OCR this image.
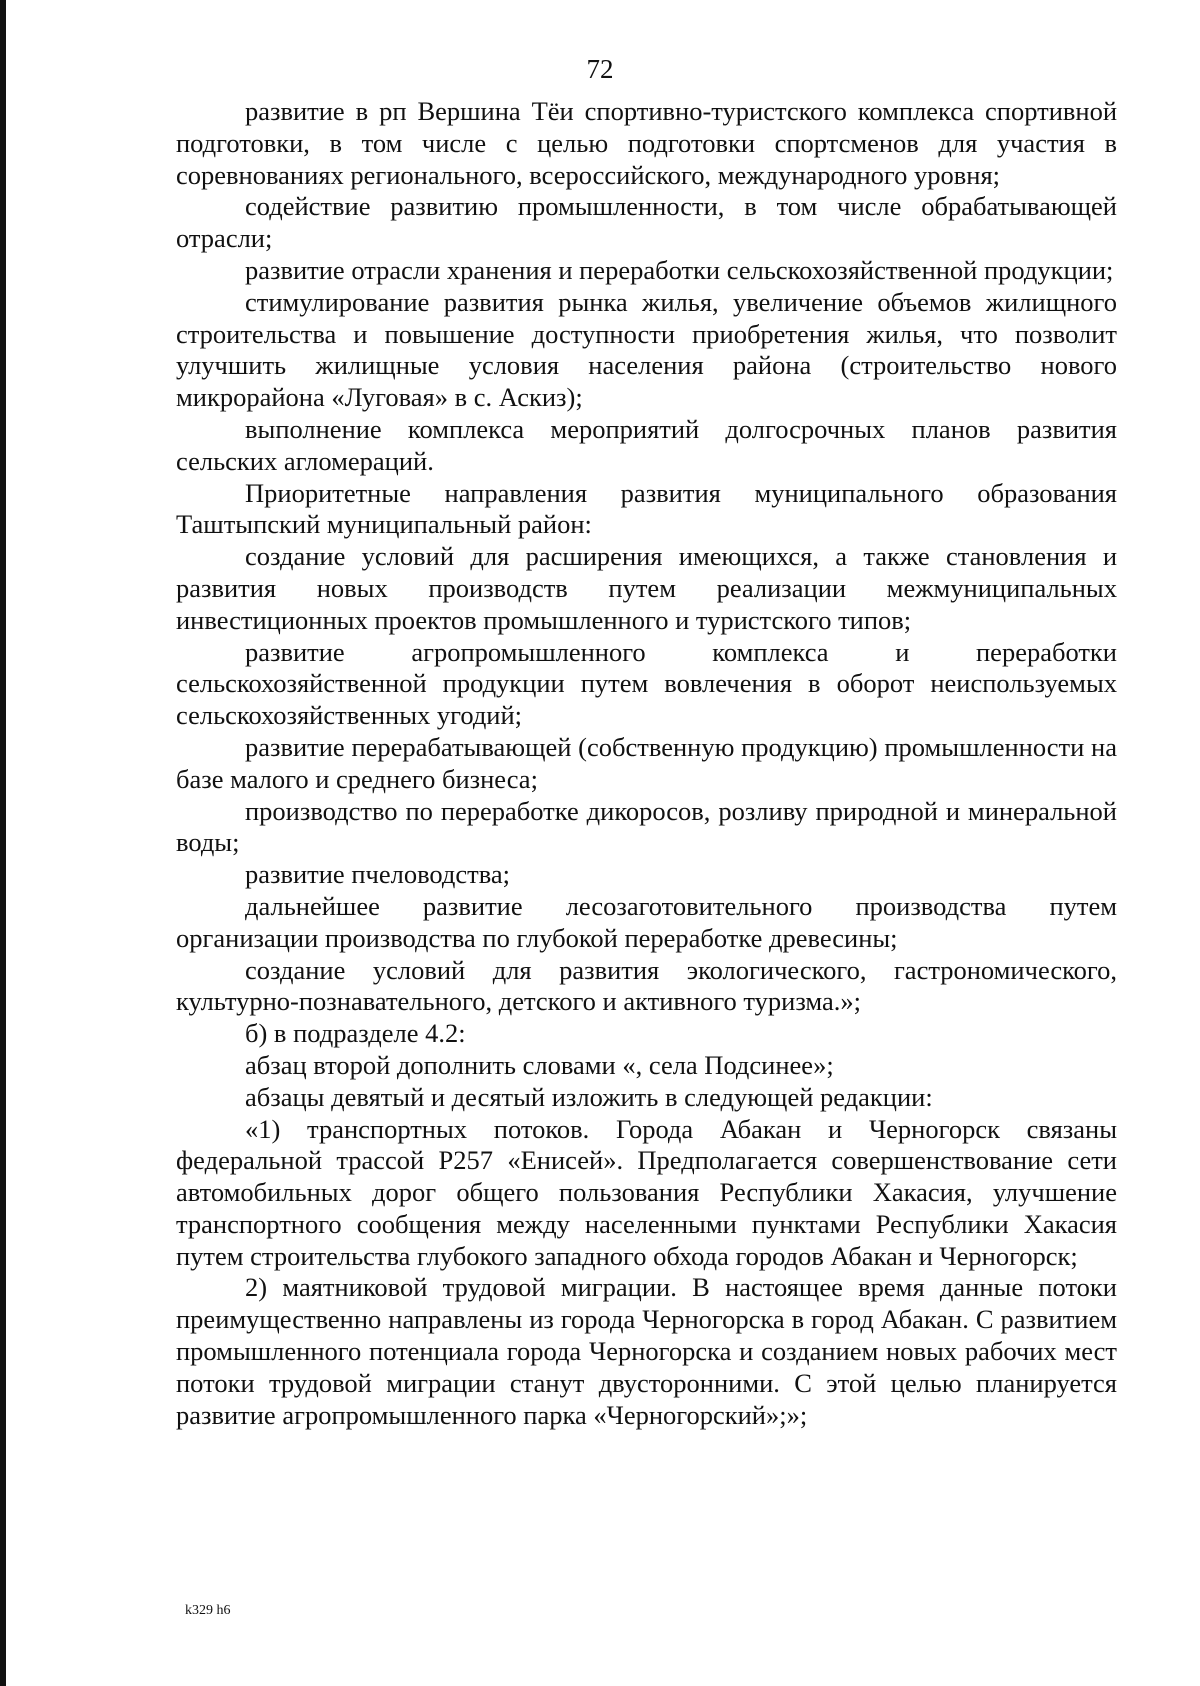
72

развитие в рп Вершина Тёи спортивно-туристского комплекса спортивной подготовки, в том числе с целью подготовки спортсменов для участия в соревнованиях регионального, всероссийского, международного уровня;

содействие развитию промышленности, в том числе обрабатывающей отрасли;

развитие отрасли хранения и переработки сельскохозяйственной продукции;

стимулирование развития рынка жилья, увеличение объемов жилищного строительства и повышение доступности приобретения жилья, что позволит улучшить жилищные условия населения района (строительство нового микрорайона «Луговая» в с. Аскиз);

выполнение комплекса мероприятий долгосрочных планов развития сельских агломераций.

Приоритетные направления развития муниципального образования Таштыпский муниципальный район:

создание условий для расширения имеющихся, а также становления и развития новых производств путем реализации межмуниципальных инвестиционных проектов промышленного и туристского типов;

развитие агропромышленного комплекса и переработки сельскохозяйственной продукции путем вовлечения в оборот неиспользуемых сельскохозяйственных угодий;

развитие перерабатывающей (собственную продукцию) промышленности на базе малого и среднего бизнеса;

производство по переработке дикоросов, розливу природной и минеральной воды;

развитие пчеловодства;

дальнейшее развитие лесозаготовительного производства путем организации производства по глубокой переработке древесины;

создание условий для развития экологического, гастрономического, культурно-познавательного, детского и активного туризма.»;

б) в подразделе 4.2:

абзац второй дополнить словами «, села Подсинее»;

абзацы девятый и десятый изложить в следующей редакции:

«1) транспортных потоков. Города Абакан и Черногорск связаны федеральной трассой Р257 «Енисей». Предполагается совершенствование сети автомобильных дорог общего пользования Республики Хакасия, улучшение транспортного сообщения между населенными пунктами Республики Хакасия путем строительства глубокого западного обхода городов Абакан и Черногорск;

2) маятниковой трудовой миграции. В настоящее время данные потоки преимущественно направлены из города Черногорска в город Абакан. С развитием промышленного потенциала города Черногорска и созданием новых рабочих мест потоки трудовой миграции станут двусторонними. С этой целью планируется развитие агропромышленного парка «Черногорский»;»;

k329 h6
